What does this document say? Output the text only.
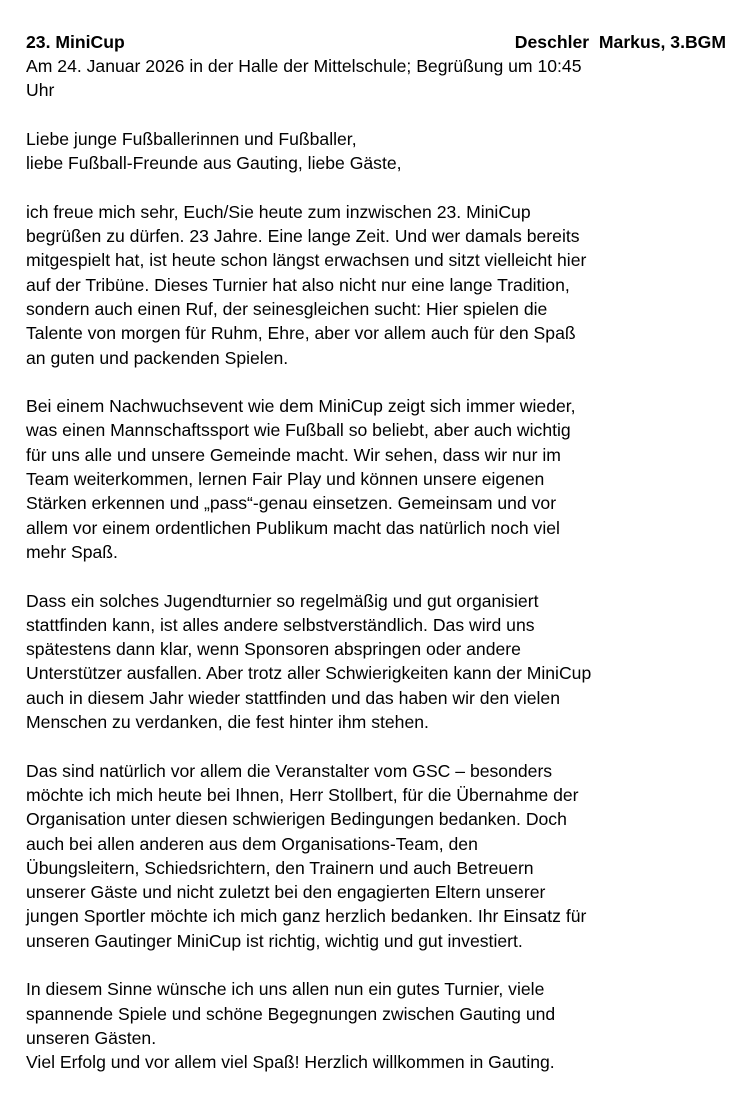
23. MiniCup	Deschler  Markus, 3.BGM
Am 24. Januar 2026 in der Halle der Mittelschule; Begrüßung um 10:45
Uhr
Liebe junge Fußballerinnen und Fußballer,
liebe Fußball-Freunde aus Gauting, liebe Gäste,
ich freue mich sehr, Euch/Sie heute zum inzwischen 23. MiniCup
begrüßen zu dürfen. 23 Jahre. Eine lange Zeit. Und wer damals bereits
mitgespielt hat, ist heute schon längst erwachsen und sitzt vielleicht hier
auf der Tribüne. Dieses Turnier hat also nicht nur eine lange Tradition,
sondern auch einen Ruf, der seinesgleichen sucht: Hier spielen die
Talente von morgen für Ruhm, Ehre, aber vor allem auch für den Spaß
an guten und packenden Spielen.
Bei einem Nachwuchsevent wie dem MiniCup zeigt sich immer wieder,
was einen Mannschaftssport wie Fußball so beliebt, aber auch wichtig
für uns alle und unsere Gemeinde macht. Wir sehen, dass wir nur im
Team weiterkommen, lernen Fair Play und können unsere eigenen
Stärken erkennen und „pass“-genau einsetzen. Gemeinsam und vor
allem vor einem ordentlichen Publikum macht das natürlich noch viel
mehr Spaß.
Dass ein solches Jugendturnier so regelmäßig und gut organisiert
stattfinden kann, ist alles andere selbstverständlich. Das wird uns
spätestens dann klar, wenn Sponsoren abspringen oder andere
Unterstützer ausfallen. Aber trotz aller Schwierigkeiten kann der MiniCup
auch in diesem Jahr wieder stattfinden und das haben wir den vielen
Menschen zu verdanken, die fest hinter ihm stehen.
Das sind natürlich vor allem die Veranstalter vom GSC – besonders
möchte ich mich heute bei Ihnen, Herr Stollbert, für die Übernahme der
Organisation unter diesen schwierigen Bedingungen bedanken. Doch
auch bei allen anderen aus dem Organisations-Team, den
Übungsleitern, Schiedsrichtern, den Trainern und auch Betreuern
unserer Gäste und nicht zuletzt bei den engagierten Eltern unserer
jungen Sportler möchte ich mich ganz herzlich bedanken. Ihr Einsatz für
unseren Gautinger MiniCup ist richtig, wichtig und gut investiert.
In diesem Sinne wünsche ich uns allen nun ein gutes Turnier, viele
spannende Spiele und schöne Begegnungen zwischen Gauting und
unseren Gästen.
Viel Erfolg und vor allem viel Spaß! Herzlich willkommen in Gauting.
